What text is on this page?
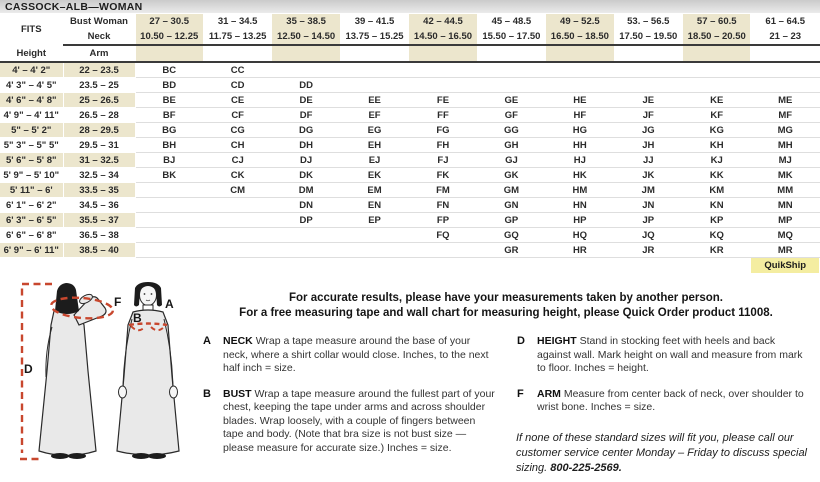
CASSOCK–ALB—WOMAN
FITS	Bust Woman	27 – 30.5	31 – 34.5	35 – 38.5	39 – 41.5	42 – 44.5	45 – 48.5	49 – 52.5	53. – 56.5	57 – 60.5	61 – 64.5
	Neck	10.50 – 12.25	11.75 – 13.25	12.50 – 14.50	13.75 – 15.25	14.50 – 16.50	15.50 – 17.50	16.50 – 18.50	17.50 – 19.50	18.50 – 20.50	21 – 23

Height	Arm										

4' – 4' 2"	22 – 23.5	BC	CC								
4' 3" – 4' 5"	23.5 – 25	BD	CD	DD							
4' 6" – 4' 8"	25 – 26.5	BE	CE	DE	EE	FE	GE	HE	JE	KE	ME
4' 9" – 4' 11"	26.5 – 28	BF	CF	DF	EF	FF	GF	HF	JF	KF	MF
5" – 5' 2"	28 – 29.5	BG	CG	DG	EG	FG	GG	HG	JG	KG	MG
5" 3" – 5" 5"	29.5 – 31	BH	CH	DH	EH	FH	GH	HH	JH	KH	MH
5' 6" – 5' 8"	31 – 32.5	BJ	CJ	DJ	EJ	FJ	GJ	HJ	JJ	KJ	MJ
5' 9" – 5' 10"	32.5 – 34	BK	CK	DK	EK	FK	GK	HK	JK	KK	MK
5' 11" – 6'	33.5 – 35		CM	DM	EM	FM	GM	HM	JM	KM	MM
6' 1" – 6' 2"	34.5 – 36			DN	EN	FN	GN	HN	JN	KN	MN
6' 3" – 6' 5"	35.5 – 37			DP	EP	FP	GP	HP	JP	KP	MP
6' 6" – 6' 8"	36.5 – 38					FQ	GQ	HQ	JQ	KQ	MQ
6' 9" – 6' 11"	38.5 – 40						GR	HR	JR	KR	MR
											QuikShip
D
F	A
B
For accurate results, please have your measurements taken by another person.
For a free measuring tape and wall chart for measuring height, please Quick Order product 11008.
A NECK Wrap a tape measure around the base of your neck, where a shirt collar would close. Inches, to the next half inch = size.
B BUST Wrap a tape measure around the fullest part of your chest, keeping the tape under arms and across shoulder blades. Wrap loosely, with a couple of fingers between tape and body. (Note that bra size is not bust size — please measure for accurate size.) Inches = size.
D HEIGHT Stand in stocking feet with heels and back against wall. Mark height on wall and measure from mark to floor. Inches = height.
F ARM Measure from center back of neck, over shoulder to wrist bone. Inches = size.
If none of these standard sizes will fit you, please call our customer service center Monday – Friday to discuss special sizing. 800-225-2569.
